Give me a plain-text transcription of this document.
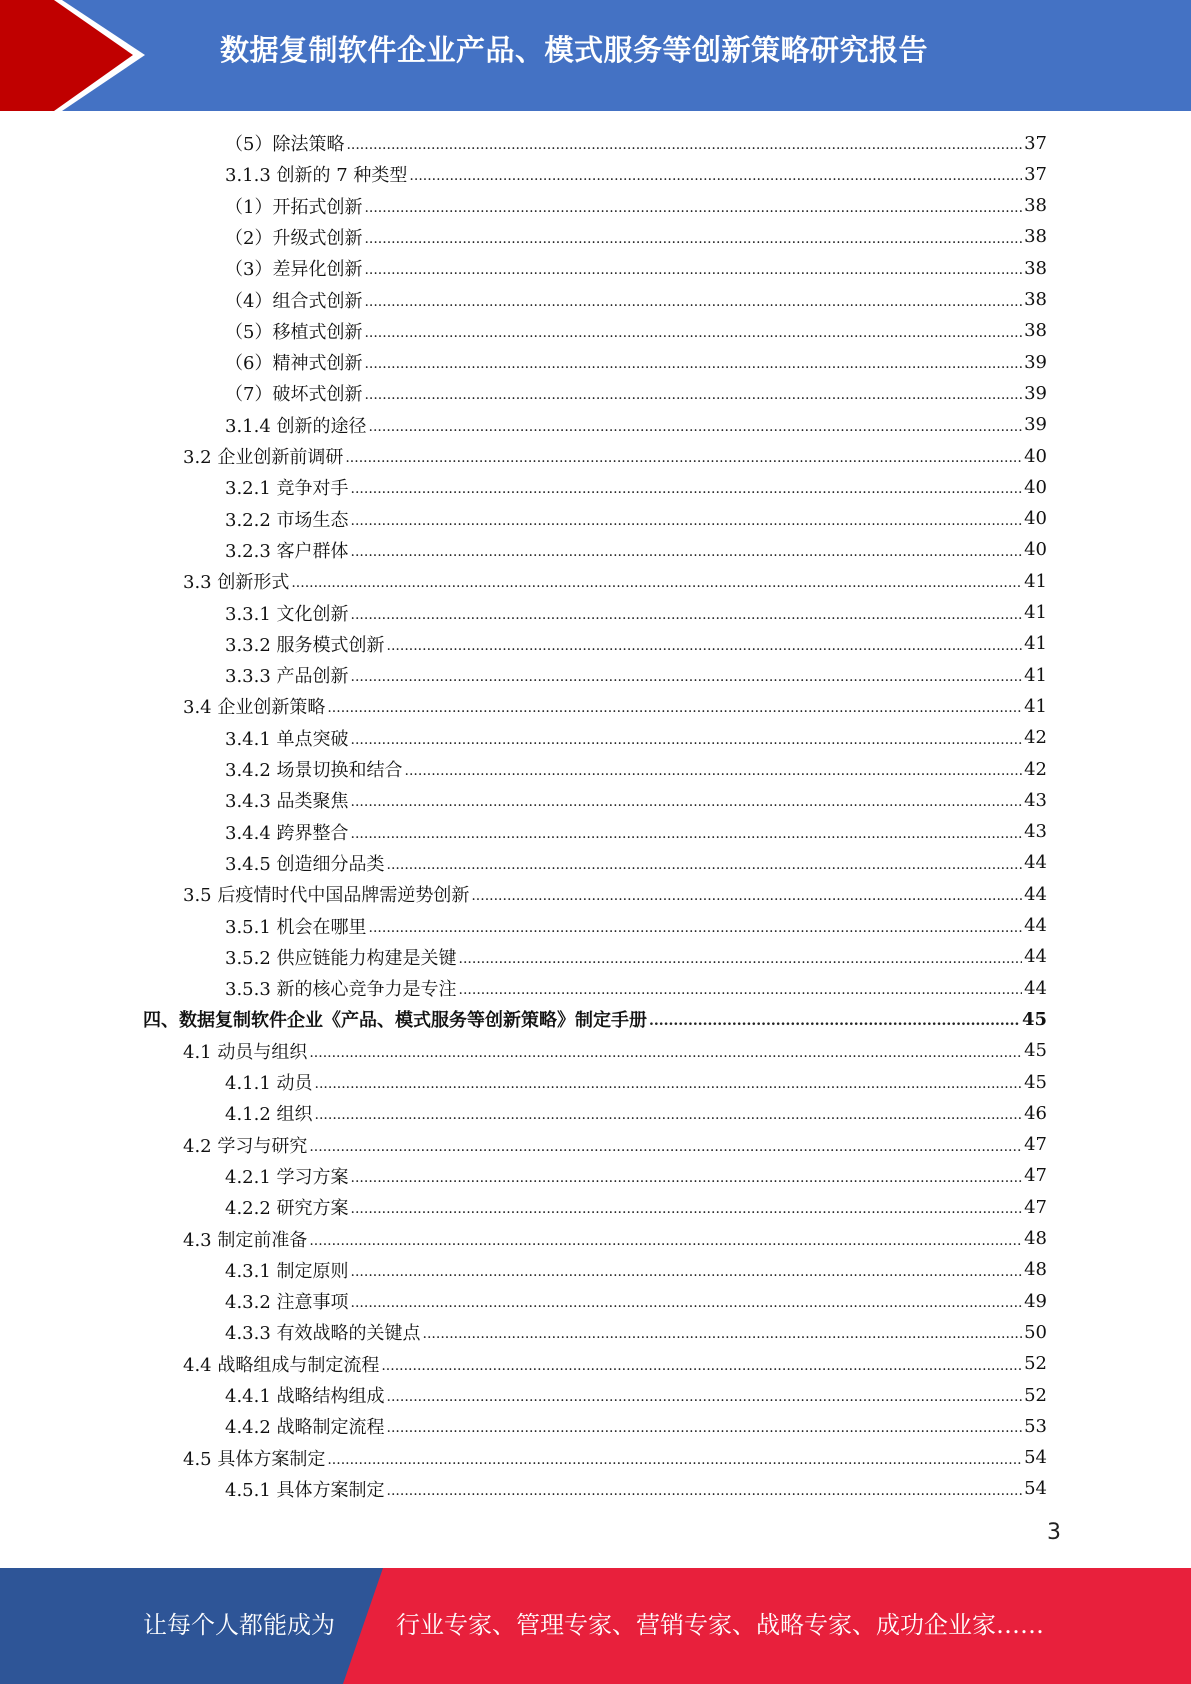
数据复制软件企业产品、模式服务等创新策略研究报告
（5）除法策略 .....	37
3.1.3 创新的 7 种类型 .....	37
（1）开拓式创新 .....	38
（2）升级式创新 .....	38
（3）差异化创新 .....	38
（4）组合式创新 .....	38
（5）移植式创新 .....	38
（6）精神式创新 .....	39
（7）破坏式创新 .....	39
3.1.4 创新的途径 .....	39
3.2 企业创新前调研 .....	40
3.2.1 竞争对手 .....	40
3.2.2 市场生态 .....	40
3.2.3 客户群体 .....	40
3.3 创新形式 .....	41
3.3.1 文化创新 .....	41
3.3.2 服务模式创新 .....	41
3.3.3 产品创新 .....	41
3.4 企业创新策略 .....	41
3.4.1 单点突破 .....	42
3.4.2 场景切换和结合 .....	42
3.4.3 品类聚焦 .....	43
3.4.4 跨界整合 .....	43
3.4.5 创造细分品类 .....	44
3.5 后疫情时代中国品牌需逆势创新 .....	44
3.5.1 机会在哪里 .....	44
3.5.2 供应链能力构建是关键 .....	44
3.5.3 新的核心竞争力是专注 .....	44
四、数据复制软件企业《产品、模式服务等创新策略》制定手册 .....	45
4.1 动员与组织 .....	45
4.1.1 动员 .....	45
4.1.2 组织 .....	46
4.2 学习与研究 .....	47
4.2.1 学习方案 .....	47
4.2.2 研究方案 .....	47
4.3 制定前准备 .....	48
4.3.1 制定原则 .....	48
4.3.2 注意事项 .....	49
4.3.3 有效战略的关键点 .....	50
4.4 战略组成与制定流程 .....	52
4.4.1 战略结构组成 .....	52
4.4.2 战略制定流程 .....	53
4.5 具体方案制定 .....	54
4.5.1 具体方案制定 .....	54
3
让每个人都能成为	行业专家、管理专家、营销专家、战略专家、成功企业家……
